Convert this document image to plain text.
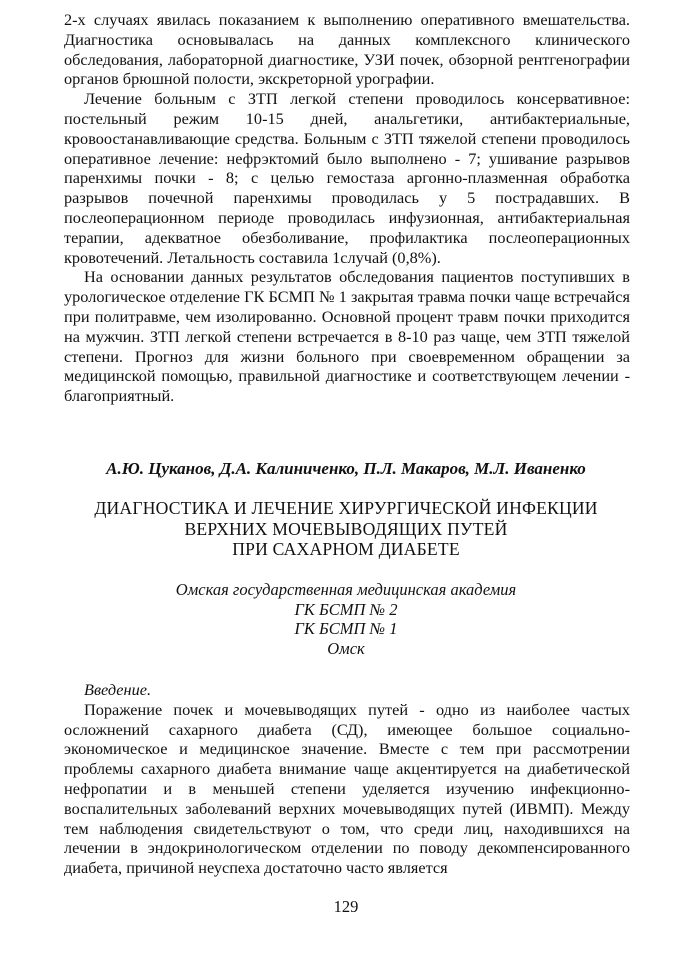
2-х случаях явилась показанием к выполнению оперативного вмешательства. Диагностика основывалась на данных комплексного клинического обследования, лабораторной диагностике, УЗИ почек, обзорной рентгенографии органов брюшной полости, экскреторной урографии.

Лечение больным с ЗТП легкой степени проводилось консервативное: постельный режим 10-15 дней, анальгетики, антибактериальные, кровоостанавливающие средства. Больным с ЗТП тяжелой степени проводилось оперативное лечение: нефрэктомий было выполнено - 7; ушивание разрывов паренхимы почки - 8; с целью гемостаза аргонно-плазменная обработка разрывов почечной паренхимы проводилась у 5 пострадавших. В послеоперационном периоде проводилась инфузионная, антибактериальная терапии, адекватное обезболивание, профилактика послеоперационных кровотечений. Летальность составила 1случай (0,8%).

На основании данных результатов обследования пациентов поступивших в урологическое отделение ГК БСМП № 1 закрытая травма почки чаще встречайся при политравме, чем изолированно. Основной процент травм почки приходится на мужчин. ЗТП легкой степени встречается в 8-10 раз чаще, чем ЗТП тяжелой степени. Прогноз для жизни больного при своевременном обращении за медицинской помощью, правильной диагностике и соответствующем лечении - благоприятный.

А.Ю. Цуканов, Д.А. Калиниченко, П.Л. Макаров, М.Л. Иваненко
ДИАГНОСТИКА И ЛЕЧЕНИЕ ХИРУРГИЧЕСКОЙ ИНФЕКЦИИ
ВЕРХНИХ МОЧЕВЫВОДЯЩИХ ПУТЕЙ
ПРИ САХАРНОМ ДИАБЕТЕ
Омская государственная медицинская академия
ГК БСМП № 2
ГК БСМП № 1
Омск

Введение.

Поражение почек и мочевыводящих путей - одно из наиболее частых осложнений сахарного диабета (СД), имеющее большое социально-экономическое и медицинское значение. Вместе с тем при рассмотрении проблемы сахарного диабета внимание чаще акцентируется на диабетической нефропатии и в меньшей степени уделяется изучению инфекционно-воспалительных заболеваний верхних мочевыводящих путей (ИВМП). Между тем наблюдения свидетельствуют о том, что среди лиц, находившихся на лечении в эндокринологическом отделении по поводу декомпенсированного диабета, причиной неуспеха достаточно часто является

129
